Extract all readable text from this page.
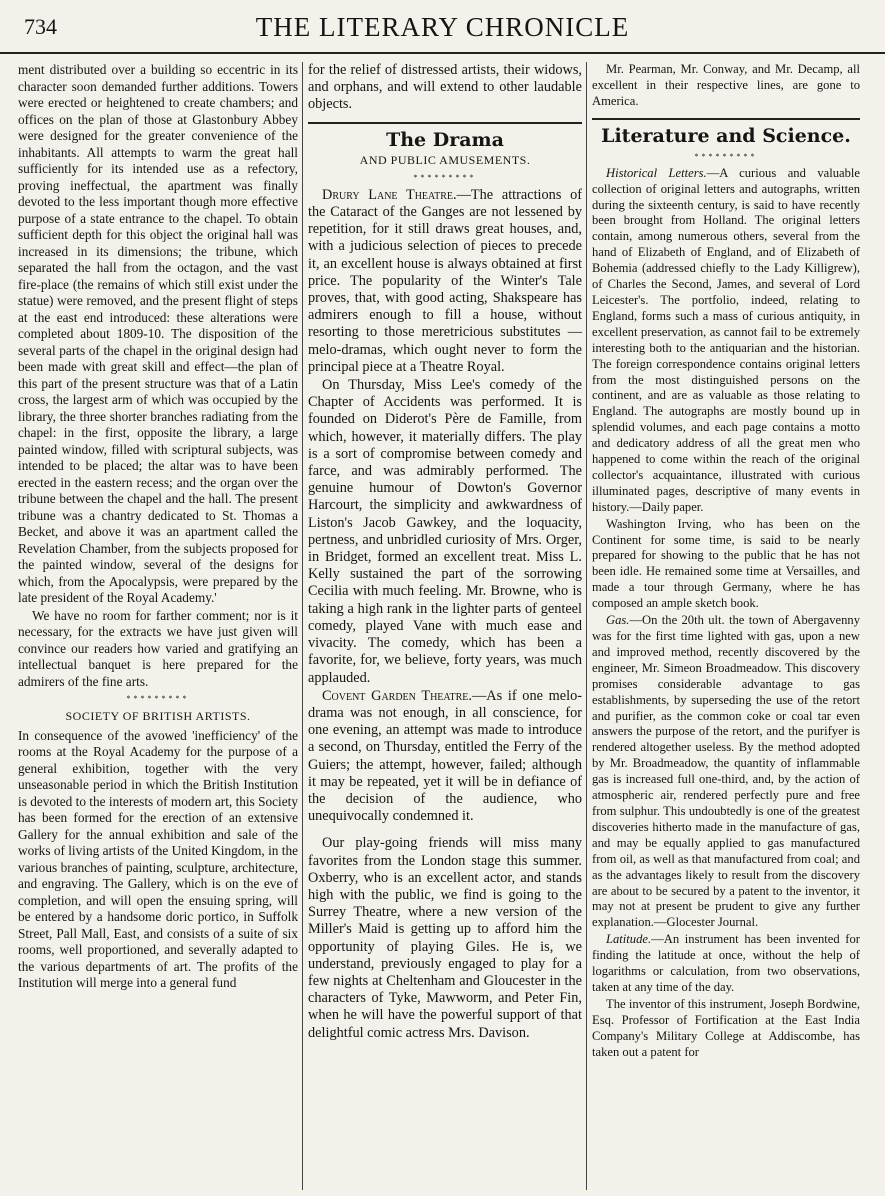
734	THE LITERARY CHRONICLE

ment distributed over a building so eccentric in its character soon demanded further additions. Towers were erected or heightened to create chambers; and offices on the plan of those at Glastonbury Abbey were designed for the greater convenience of the inhabitants. All attempts to warm the great hall sufficiently for its intended use as a refectory, proving ineffectual, the apartment was finally devoted to the less important though more effective purpose of a state entrance to the chapel. To obtain sufficient depth for this object the original hall was increased in its dimensions; the tribune, which separated the hall from the octagon, and the vast fire-place (the remains of which still exist under the statue) were removed, and the present flight of steps at the east end introduced: these alterations were completed about 1809-10. The disposition of the several parts of the chapel in the original design had been made with great skill and effect—the plan of this part of the present structure was that of a Latin cross, the largest arm of which was occupied by the library, the three shorter branches radiating from the chapel: in the first, opposite the library, a large painted window, filled with scriptural subjects, was intended to be placed; the altar was to have been erected in the eastern recess; and the organ over the tribune between the chapel and the hall. The present tribune was a chantry dedicated to St. Thomas a Becket, and above it was an apartment called the Revelation Chamber, from the subjects proposed for the painted window, several of the designs for which, from the Apocalypsis, were prepared by the late president of the Royal Academy.'

We have no room for farther comment; nor is it necessary, for the extracts we have just given will convince our readers how varied and gratifying an intellectual banquet is here prepared for the admirers of the fine arts.

*********
SOCIETY OF BRITISH ARTISTS.

In consequence of the avowed 'inefficiency' of the rooms at the Royal Academy for the purpose of a general exhibition, together with the very unseasonable period in which the British Institution is devoted to the interests of modern art, this Society has been formed for the erection of an extensive Gallery for the annual exhibition and sale of the works of living artists of the United Kingdom, in the various branches of painting, sculpture, architecture, and engraving. The Gallery, which is on the eve of completion, and will open the ensuing spring, will be entered by a handsome doric portico, in Suffolk Street, Pall Mall, East, and consists of a suite of six rooms, well proportioned, and severally adapted to the various departments of art. The profits of the Institution will merge into a general fund

for the relief of distressed artists, their widows, and orphans, and will extend to other laudable objects.

The Drama
AND PUBLIC AMUSEMENTS.
*********

Drury Lane Theatre.—The attractions of the Cataract of the Ganges are not lessened by repetition, for it still draws great houses, and, with a judicious selection of pieces to precede it, an excellent house is always obtained at first price. The popularity of the Winter's Tale proves, that, with good acting, Shakspeare has admirers enough to fill a house, without resorting to those meretricious substitutes — melo-dramas, which ought never to form the principal piece at a Theatre Royal.

On Thursday, Miss Lee's comedy of the Chapter of Accidents was performed. It is founded on Diderot's Père de Famille, from which, however, it materially differs. The play is a sort of compromise between comedy and farce, and was admirably performed. The genuine humour of Dowton's Governor Harcourt, the simplicity and awkwardness of Liston's Jacob Gawkey, and the loquacity, pertness, and unbridled curiosity of Mrs. Orger, in Bridget, formed an excellent treat. Miss L. Kelly sustained the part of the sorrowing Cecilia with much feeling. Mr. Browne, who is taking a high rank in the lighter parts of genteel comedy, played Vane with much ease and vivacity. The comedy, which has been a favorite, for, we believe, forty years, was much applauded.

Covent Garden Theatre.—As if one melo-drama was not enough, in all conscience, for one evening, an attempt was made to introduce a second, on Thursday, entitled the Ferry of the Guiers; the attempt, however, failed; although it may be repeated, yet it will be in defiance of the decision of the audience, who unequivocally condemned it.

Our play-going friends will miss many favorites from the London stage this summer. Oxberry, who is an excellent actor, and stands high with the public, we find is going to the Surrey Theatre, where a new version of the Miller's Maid is getting up to afford him the opportunity of playing Giles. He is, we understand, previously engaged to play for a few nights at Cheltenham and Gloucester in the characters of Tyke, Mawworm, and Peter Fin, when he will have the powerful support of that delightful comic actress Mrs. Davison.

Mr. Pearman, Mr. Conway, and Mr. Decamp, all excellent in their respective lines, are gone to America.

Literature and Science.
*********

Historical Letters.—A curious and valuable collection of original letters and autographs, written during the sixteenth century, is said to have recently been brought from Holland. The original letters contain, among numerous others, several from the hand of Elizabeth of England, and of Elizabeth of Bohemia (addressed chiefly to the Lady Killigrew), of Charles the Second, James, and several of Lord Leicester's. The portfolio, indeed, relating to England, forms such a mass of curious antiquity, in excellent preservation, as cannot fail to be extremely interesting both to the antiquarian and the historian. The foreign correspondence contains original letters from the most distinguished persons on the continent, and are as valuable as those relating to England. The autographs are mostly bound up in splendid volumes, and each page contains a motto and dedicatory address of all the great men who happened to come within the reach of the original collector's acquaintance, illustrated with curious illuminated pages, descriptive of many events in history.—Daily paper.

Washington Irving, who has been on the Continent for some time, is said to be nearly prepared for showing to the public that he has not been idle. He remained some time at Versailles, and made a tour through Germany, where he has composed an ample sketch book.

Gas.—On the 20th ult. the town of Abergavenny was for the first time lighted with gas, upon a new and improved method, recently discovered by the engineer, Mr. Simeon Broadmeadow. This discovery promises considerable advantage to gas establishments, by superseding the use of the retort and purifier, as the common coke or coal tar even answers the purpose of the retort, and the purifyer is rendered altogether useless. By the method adopted by Mr. Broadmeadow, the quantity of inflammable gas is increased full one-third, and, by the action of atmospheric air, rendered perfectly pure and free from sulphur. This undoubtedly is one of the greatest discoveries hitherto made in the manufacture of gas, and may be equally applied to gas manufactured from oil, as well as that manufactured from coal; and as the advantages likely to result from the discovery are about to be secured by a patent to the inventor, it may not at present be prudent to give any further explanation.—Glocester Journal.

Latitude.—An instrument has been invented for finding the latitude at once, without the help of logarithms or calculation, from two observations, taken at any time of the day.

The inventor of this instrument, Joseph Bordwine, Esq. Professor of Fortification at the East India Company's Military College at Addiscombe, has taken out a patent for
